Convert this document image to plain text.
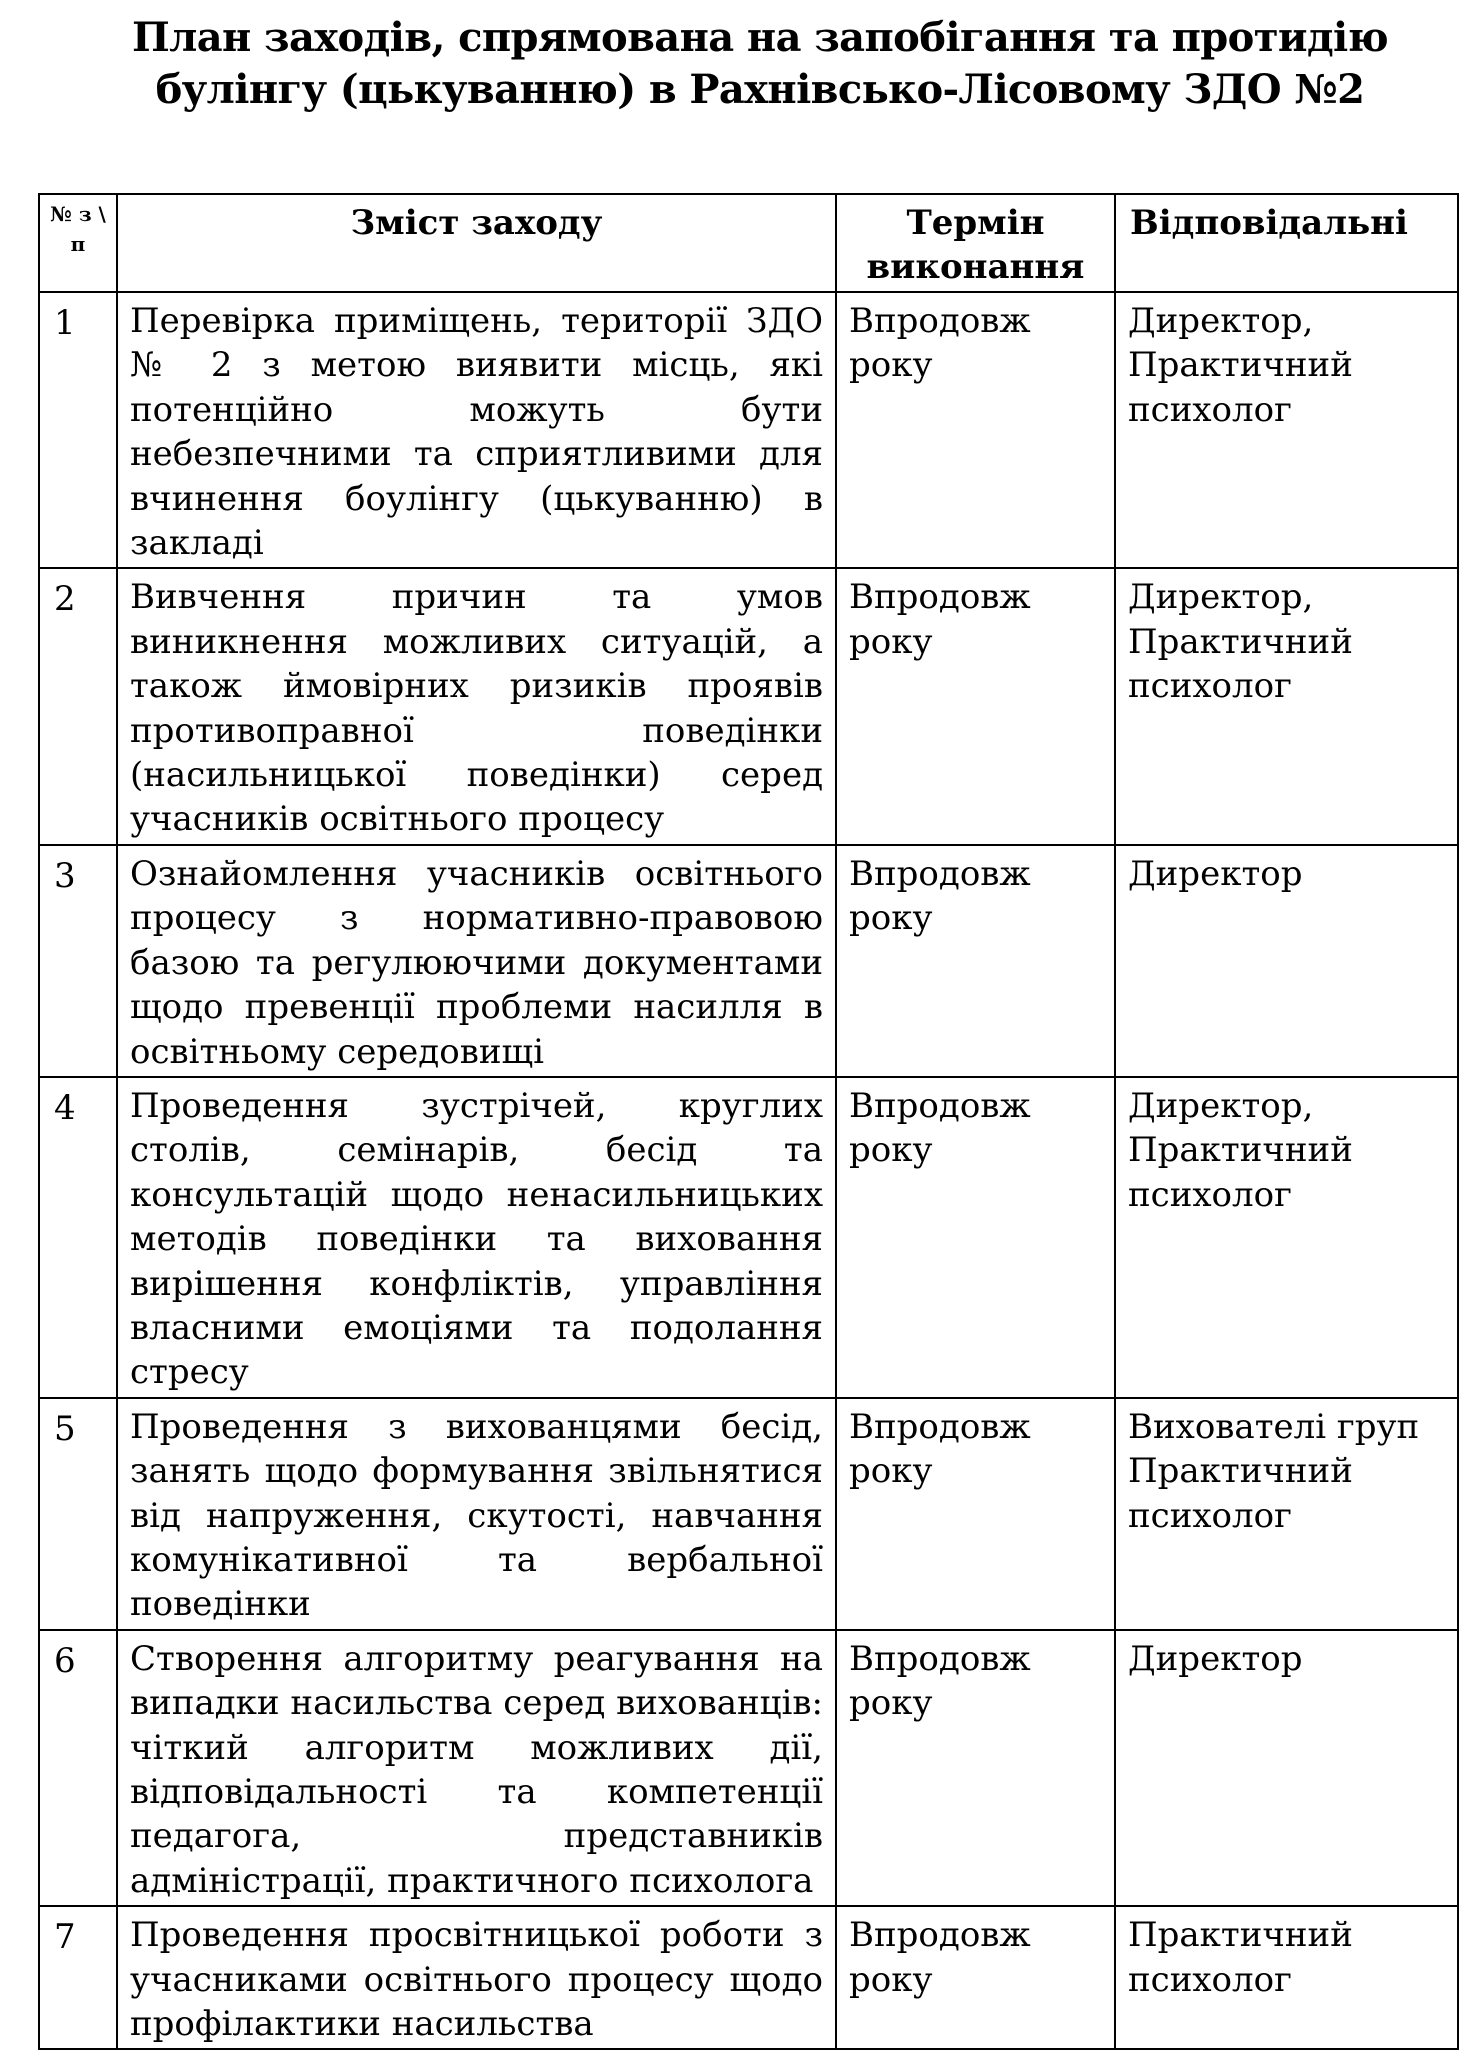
План заходів, спрямована на запобігання та протидію булінгу (цькуванню) в Рахнівсько-Лісовому ЗДО №2
№ з \ п	Зміст заходу	Термін виконання	Відповідальні
1	Перевірка приміщень, території ЗДО № 2 з метою виявити місць, які потенційно можуть бути небезпечними та сприятливими для вчинення боулінгу (цькуванню) в закладі	Впродовж року	Директор,
Практичний
психолог

2	Вивчення причин та умов виникнення можливих ситуацій, а також ймовірних ризиків проявів противоправної поведінки (насильницької поведінки) серед учасників освітнього процесу	Впродовж року	Директор,
Практичний
психолог

3	Ознайомлення учасників освітнього процесу з нормативно-правовою базою та регулюючими документами щодо превенції проблеми насилля в освітньому середовищі	Впродовж року	Директор

4	Проведення зустрічей, круглих столів, семінарів, бесід та консультацій щодо ненасильницьких методів поведінки та виховання вирішення конфліктів, управління власними емоціями та подолання стресу	Впродовж року	Директор,
Практичний
психолог

5	Проведення з вихованцями бесід, занять щодо формування звільнятися від напруження, скутості, навчання комунікативної та вербальної поведінки	Впродовж року	Вихователі груп
Практичний
психолог

6	Створення алгоритму реагування на випадки насильства серед вихованців: чіткий алгоритм можливих дії, відповідальності та компетенції педагога, представників адміністрації, практичного психолога	Впродовж року	Директор

7	Проведення просвітницької роботи з учасниками освітнього процесу щодо профілактики насильства	Впродовж року	Практичний
психолог
